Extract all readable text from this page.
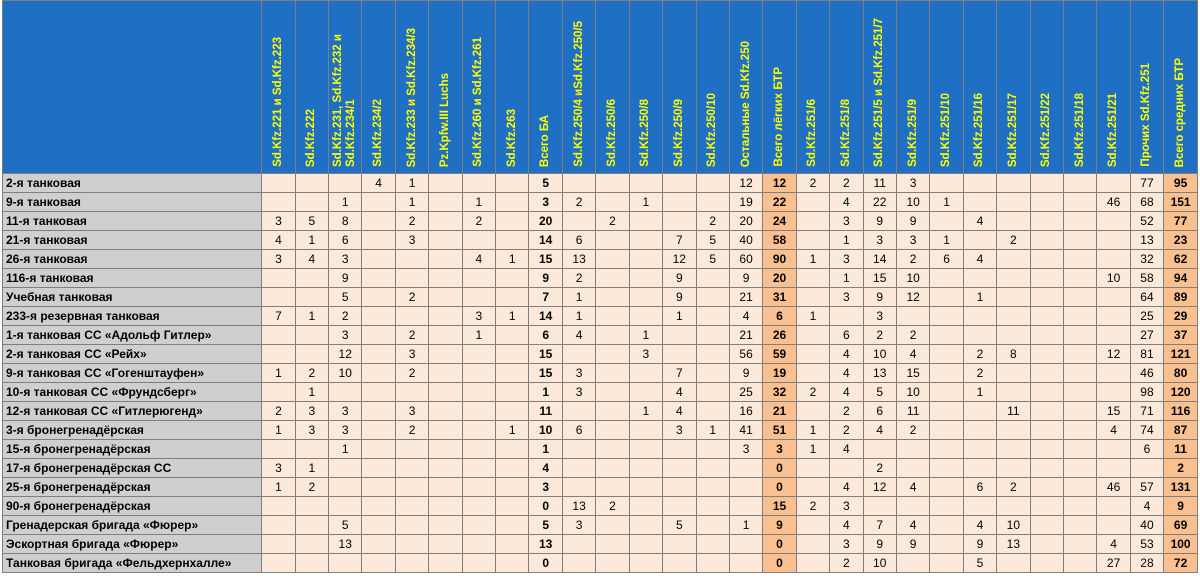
	Sd.Kfz.221 и Sd.Kfz.223	Sd.Kfz.222	Sd.Kfz.231, Sd.Kfz.232 и Sd.Kfz.234/1	Sd.Kfz.234/2	Sd.Kfz.233 и Sd.Kfz.234/3	Pz.Kpfw.III Luchs	Sd.Kfz.260 и Sd.Kfz.261	Sd.Kfz.263	Всего БА	Sd.Kfz.250/4 иSd.Kfz.250/5	Sd.Kfz.250/6	Sd.Kfz.250/8	Sd.Kfz.250/9	Sd.Kfz.250/10	Остальные Sd.Kfz.250	Всего лёгких БТР	Sd.Kfz.251/6	Sd.Kfz.251/8	Sd.Kfz.251/5 и Sd.Kfz.251/7	Sd.Kfz.251/9	Sd.Kfz.251/10	Sd.Kfz.251/16	Sd.Kfz.251/17	Sd.Kfz.251/22	Sd.Kfz.251/18	Sd.Kfz.251/21	Прочих Sd.Kfz.251	Всего средних БТР

2-я танковая				4	1				5						12	12	2	2	11	3							77	95
9-я танковая			1		1		1		3	2		1			19	22		4	22	10	1					46	68	151
11-я танковая	3	5	8		2		2		20		2			2	20	24		3	9	9		4					52	77
21-я танковая	4	1	6		3				14	6			7	5	40	58		1	3	3	1		2				13	23
26-я танковая	3	4	3				4	1	15	13			12	5	60	90	1	3	14	2	6	4					32	62
116-я танковая			9						9	2			9		9	20		1	15	10						10	58	94
Учебная танковая			5		2				7	1			9		21	31		3	9	12		1					64	89
233-я резервная танковая	7	1	2				3	1	14	1			1		4	6	1		3								25	29
1-я танковая СС «Адольф Гитлер»			3		2		1		6	4		1			21	26		6	2	2							27	37
2-я танковая СС «Рейх»			12		3				15			3			56	59		4	10	4		2	8			12	81	121
9-я танковая СС «Гогенштауфен»	1	2	10		2				15	3			7		9	19		4	13	15		2					46	80
10-я танковая СС «Фрундсберг»		1							1	3			4		25	32	2	4	5	10		1					98	120
12-я танковая СС «Гитлерюгенд»	2	3	3		3				11			1	4		16	21		2	6	11			11			15	71	116
3-я бронегренадёрская	1	3	3		2			1	10	6			3	1	41	51	1	2	4	2						4	74	87
15-я бронегренадёрская			1						1						3	3	1	4									6	11
17-я бронегренадёрская СС	3	1							4							0			2									2
25-я бронегренадёрская	1	2							3							0		4	12	4		6	2			46	57	131
90-я бронегренадёрская									0	13	2					15	2	3									4	9
Гренадерская бригада «Фюрер»			5						5	3			5		1	9		4	7	4		4	10				40	69
Эскортная бригада «Фюрер»			13						13							0		3	9	9		9	13			4	53	100
Танковая бригада «Фельдхернхалле»									0							0		2	10			5				27	28	72
